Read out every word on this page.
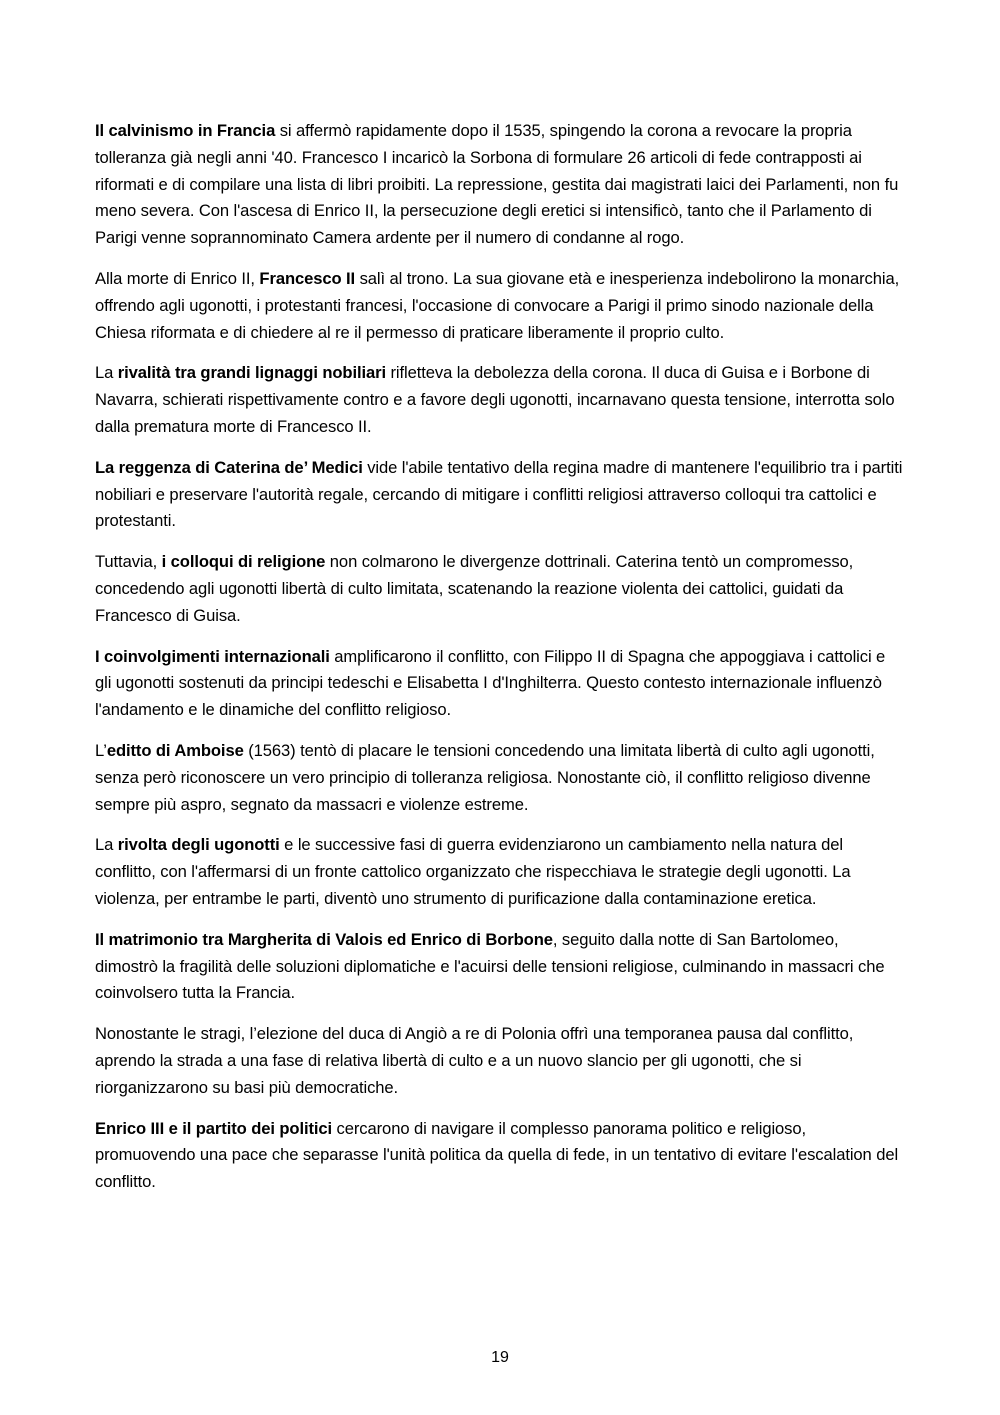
Il calvinismo in Francia si affermò rapidamente dopo il 1535, spingendo la corona a revocare la propria tolleranza già negli anni '40. Francesco I incaricò la Sorbona di formulare 26 articoli di fede contrapposti ai riformati e di compilare una lista di libri proibiti. La repressione, gestita dai magistrati laici dei Parlamenti, non fu meno severa. Con l'ascesa di Enrico II, la persecuzione degli eretici si intensificò, tanto che il Parlamento di Parigi venne soprannominato Camera ardente per il numero di condanne al rogo.

Alla morte di Enrico II, Francesco II salì al trono. La sua giovane età e inesperienza indebolirono la monarchia, offrendo agli ugonotti, i protestanti francesi, l'occasione di convocare a Parigi il primo sinodo nazionale della Chiesa riformata e di chiedere al re il permesso di praticare liberamente il proprio culto.

La rivalità tra grandi lignaggi nobiliari rifletteva la debolezza della corona. Il duca di Guisa e i Borbone di Navarra, schierati rispettivamente contro e a favore degli ugonotti, incarnavano questa tensione, interrotta solo dalla prematura morte di Francesco II.

La reggenza di Caterina de’ Medici vide l'abile tentativo della regina madre di mantenere l'equilibrio tra i partiti nobiliari e preservare l'autorità regale, cercando di mitigare i conflitti religiosi attraverso colloqui tra cattolici e protestanti.

Tuttavia, i colloqui di religione non colmarono le divergenze dottrinali. Caterina tentò un compromesso, concedendo agli ugonotti libertà di culto limitata, scatenando la reazione violenta dei cattolici, guidati da Francesco di Guisa.

I coinvolgimenti internazionali amplificarono il conflitto, con Filippo II di Spagna che appoggiava i cattolici e gli ugonotti sostenuti da principi tedeschi e Elisabetta I d'Inghilterra. Questo contesto internazionale influenzò l'andamento e le dinamiche del conflitto religioso.

L’editto di Amboise (1563) tentò di placare le tensioni concedendo una limitata libertà di culto agli ugonotti, senza però riconoscere un vero principio di tolleranza religiosa. Nonostante ciò, il conflitto religioso divenne sempre più aspro, segnato da massacri e violenze estreme.

La rivolta degli ugonotti e le successive fasi di guerra evidenziarono un cambiamento nella natura del conflitto, con l'affermarsi di un fronte cattolico organizzato che rispecchiava le strategie degli ugonotti. La violenza, per entrambe le parti, diventò uno strumento di purificazione dalla contaminazione eretica.

Il matrimonio tra Margherita di Valois ed Enrico di Borbone, seguito dalla notte di San Bartolomeo, dimostrò la fragilità delle soluzioni diplomatiche e l'acuirsi delle tensioni religiose, culminando in massacri che coinvolsero tutta la Francia.

Nonostante le stragi, l’elezione del duca di Angiò a re di Polonia offrì una temporanea pausa dal conflitto, aprendo la strada a una fase di relativa libertà di culto e a un nuovo slancio per gli ugonotti, che si riorganizzarono su basi più democratiche.

Enrico III e il partito dei politici cercarono di navigare il complesso panorama politico e religioso, promuovendo una pace che separasse l'unità politica da quella di fede, in un tentativo di evitare l'escalation del conflitto.

19
